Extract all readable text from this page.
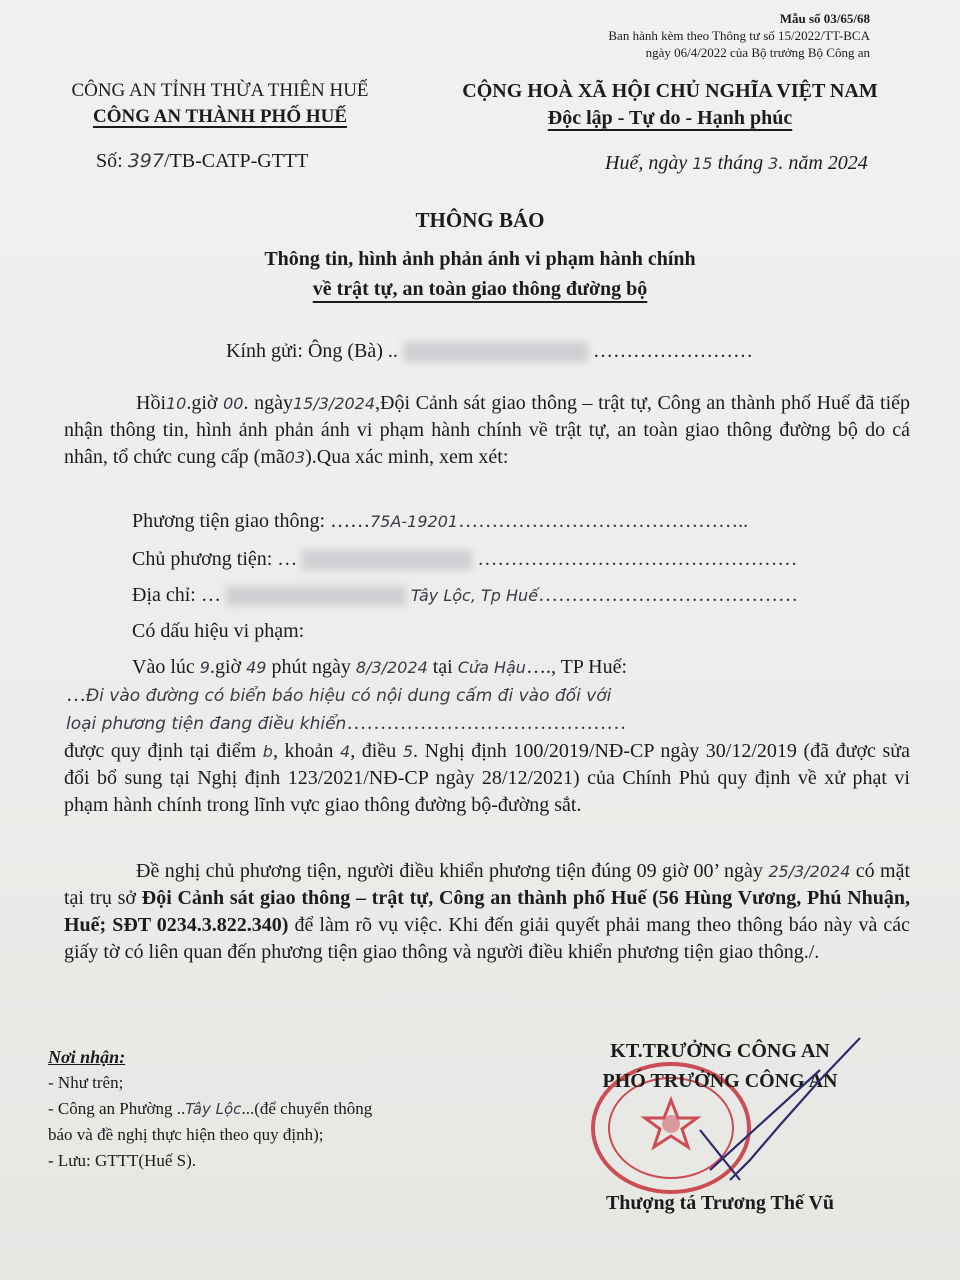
Mẫu số 03/65/68
Ban hành kèm theo Thông tư số 15/2022/TT-BCA
ngày 06/4/2022 của Bộ trưởng Bộ Công an
CÔNG AN TỈNH THỪA THIÊN HUẾ
CÔNG AN THÀNH PHỐ HUẾ
CỘNG HOÀ XÃ HỘI CHỦ NGHĨA VIỆT NAM
Độc lập - Tự do - Hạnh phúc
Số: 397/TB-CATP-GTTT	Huế, ngày 15 tháng 3. năm 2024
THÔNG BÁO
Thông tin, hình ảnh phản ánh vi phạm hành chính
về trật tự, an toàn giao thông đường bộ
Kính gửi: Ông (Bà) ..	……………………
Hồi10.giờ 00. ngày15/3/2024,Đội Cảnh sát giao thông – trật tự, Công an thành phố Huế đã tiếp nhận thông tin, hình ảnh phản ánh vi phạm hành chính về trật tự, an toàn giao thông đường bộ do cá nhân, tổ chức cung cấp (mã03).Qua xác minh, xem xét:
Phương tiện giao thông: ……75A-19201……………………………………..
Chủ phương tiện: …	…………………………………………
Địa chỉ: …	Tây Lộc, Tp Huế…………………………………
Có dấu hiệu vi phạm:
Vào lúc 9.giờ 49 phút ngày 8/3/2024 tại Cửa Hậu…., TP Huế:
…Đi vào đường có biển báo hiệu có nội dung cấm đi vào đối với
loại phương tiện đang điều khiển……………………………………
được quy định tại điểm b, khoản 4, điều 5. Nghị định 100/2019/NĐ-CP ngày 30/12/2019 (đã được sửa đổi bổ sung tại Nghị định 123/2021/NĐ-CP ngày 28/12/2021) của Chính Phủ quy định về xử phạt vi phạm hành chính trong lĩnh vực giao thông đường bộ-đường sắt.
Đề nghị chủ phương tiện, người điều khiển phương tiện đúng 09 giờ 00’ ngày 25/3/2024 có mặt tại trụ sở Đội Cảnh sát giao thông – trật tự, Công an thành phố Huế (56 Hùng Vương, Phú Nhuận, Huế; SĐT 0234.3.822.340) để làm rõ vụ việc. Khi đến giải quyết phải mang theo thông báo này và các giấy tờ có liên quan đến phương tiện giao thông và người điều khiển phương tiện giao thông./.
Nơi nhận:
- Như trên;
- Công an Phường ..Tây Lộc...(để chuyển thông
báo và đề nghị thực hiện theo quy định);
- Lưu: GTTT(Huế S).
KT.TRƯỞNG CÔNG AN
PHÓ TRƯỞNG CÔNG AN
Thượng tá Trương Thế Vũ
